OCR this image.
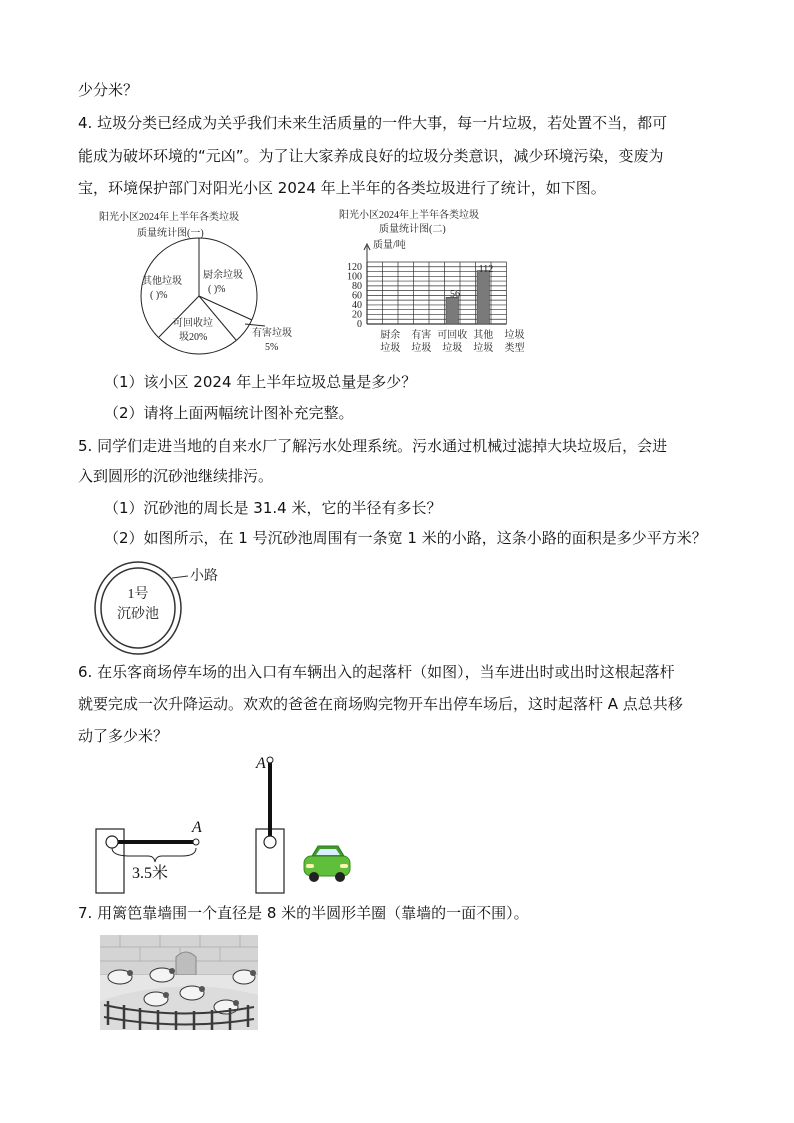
少分米？
4. 垃圾分类已经成为关乎我们未来生活质量的一件大事，每一片垃圾，若处置不当，都可
能成为破坏环境的“元凶”。为了让大家养成良好的垃圾分类意识，减少环境污染，变废为
宝，环境保护部门对阳光小区 2024 年上半年的各类垃圾进行了统计，如下图。
阳光小区2024年上半年各类垃圾
质量统计图(一)
其他垃圾
( )%
厨余垃圾
( )%
可回收垃
圾20%	有害垃圾
5%
阳光小区2024年上半年各类垃圾
质量统计图(二)
质量/吨
0
20
40
60
80
100
120
56
112
厨余
垃圾
有害
垃圾
可回收
垃圾
其他
垃圾
垃圾
类型
（1）该小区 2024 年上半年垃圾总量是多少？
（2）请将上面两幅统计图补充完整。
5. 同学们走进当地的自来水厂了解污水处理系统。污水通过机械过滤掉大块垃圾后，会进
入到圆形的沉砂池继续排污。
（1）沉砂池的周长是 31.4 米，它的半径有多长？
（2）如图所示，在 1 号沉砂池周围有一条宽 1 米的小路，这条小路的面积是多少平方米？
1号
沉砂池
小路
6. 在乐客商场停车场的出入口有车辆出入的起落杆（如图），当车进出时或出时这根起落杆
就要完成一次升降运动。欢欢的爸爸在商场购完物开车出停车场后，这时起落杆 A 点总共移
动了多少米？
A
3.5米
A
7. 用篱笆靠墙围一个直径是 8 米的半圆形羊圈（靠墙的一面不围）。
